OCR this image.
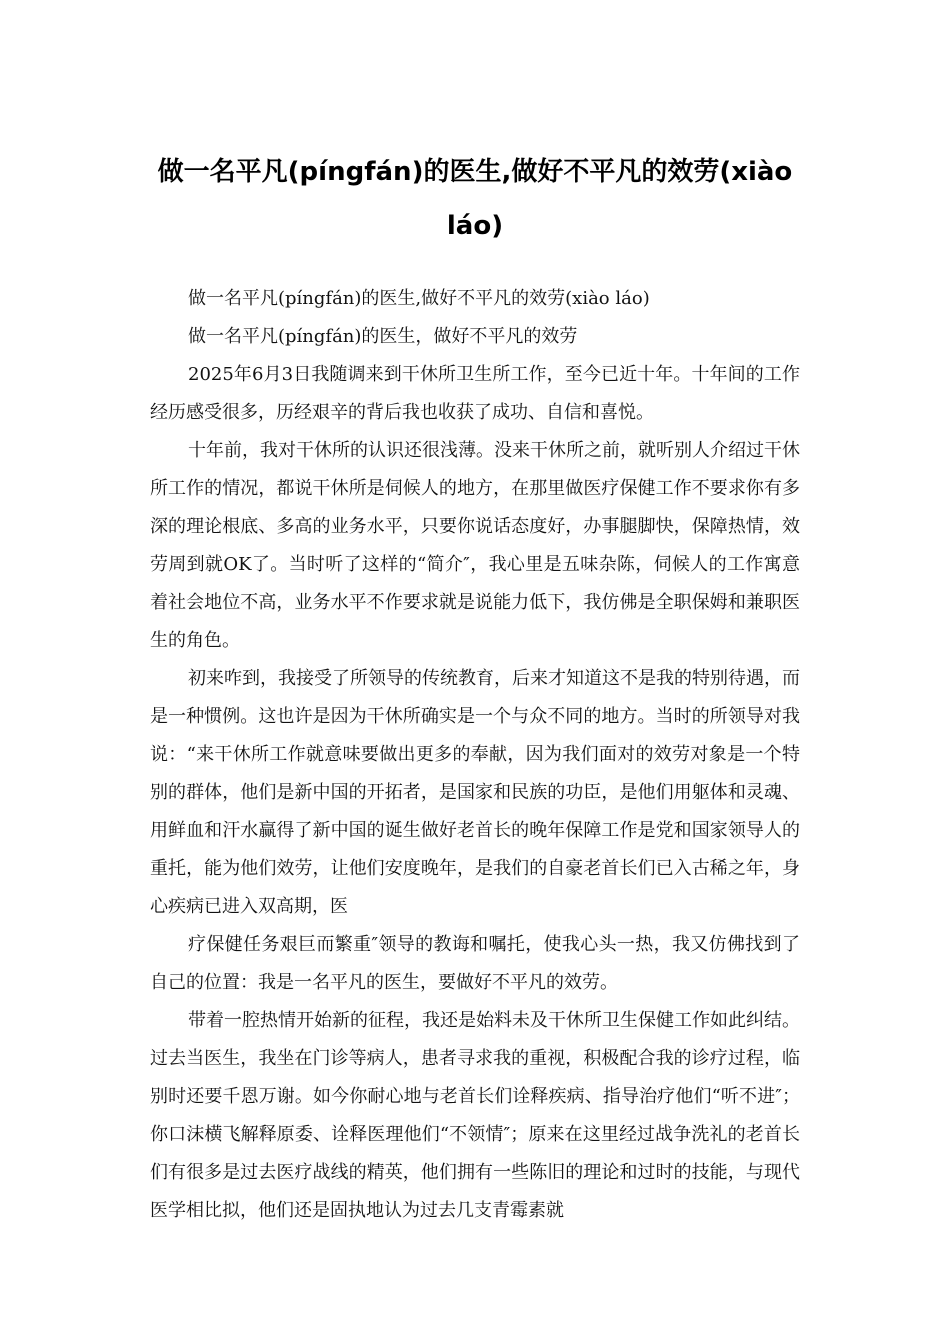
做一名平凡(píngfán)的医生,做好不平凡的效劳(xiào láo)

做一名平凡(píngfán)的医生,做好不平凡的效劳(xiào láo)

做一名平凡(píngfán)的医生，做好不平凡的效劳

2025年6月3日我随调来到干休所卫生所工作，至今已近十年。十年间的工作经历感受很多，历经艰辛的背后我也收获了成功、自信和喜悦。

十年前，我对干休所的认识还很浅薄。没来干休所之前，就听别人介绍过干休所工作的情况，都说干休所是伺候人的地方，在那里做医疗保健工作不要求你有多深的理论根底、多高的业务水平，只要你说话态度好，办事腿脚快，保障热情，效劳周到就OK了。当时听了这样的“简介″，我心里是五味杂陈，伺候人的工作寓意着社会地位不高，业务水平不作要求就是说能力低下，我仿佛是全职保姆和兼职医生的角色。

初来咋到，我接受了所领导的传统教育，后来才知道这不是我的特别待遇，而是一种惯例。这也许是因为干休所确实是一个与众不同的地方。当时的所领导对我说：“来干休所工作就意味要做出更多的奉献，因为我们面对的效劳对象是一个特别的群体，他们是新中国的开拓者，是国家和民族的功臣，是他们用躯体和灵魂、用鲜血和汗水赢得了新中国的诞生做好老首长的晚年保障工作是党和国家领导人的重托，能为他们效劳，让他们安度晚年，是我们的自豪老首长们已入古稀之年，身心疾病已进入双高期，医

疗保健任务艰巨而繁重″领导的教诲和嘱托，使我心头一热，我又仿佛找到了自己的位置：我是一名平凡的医生，要做好不平凡的效劳。

带着一腔热情开始新的征程，我还是始料未及干休所卫生保健工作如此纠结。过去当医生，我坐在门诊等病人，患者寻求我的重视，积极配合我的诊疗过程，临别时还要千恩万谢。如今你耐心地与老首长们诠释疾病、指导治疗他们“听不进″；你口沫横飞解释原委、诠释医理他们“不领情″；原来在这里经过战争洗礼的老首长们有很多是过去医疗战线的精英，他们拥有一些陈旧的理论和过时的技能，与现代医学相比拟，他们还是固执地认为过去几支青霉素就
